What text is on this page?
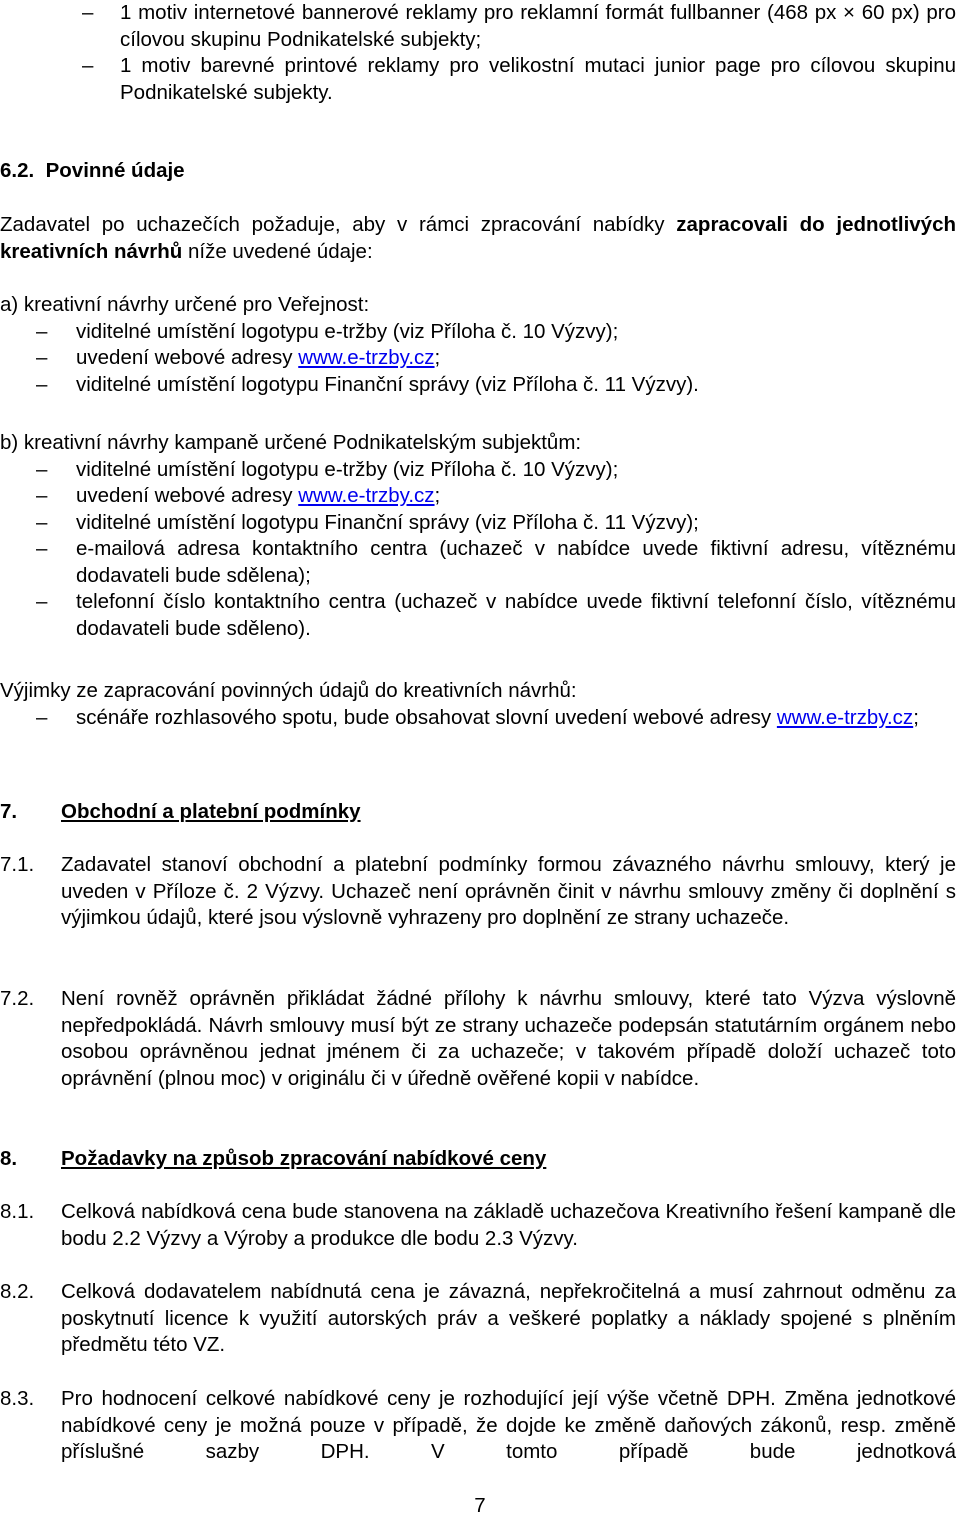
–	1 motiv internetové bannerové reklamy pro reklamní formát fullbanner (468 px × 60 px) pro cílovou skupinu Podnikatelské subjekty;

–	1 motiv barevné printové reklamy pro velikostní mutaci junior page pro cílovou skupinu Podnikatelské subjekty.

6.2. Povinné údaje

Zadavatel po uchazečích požaduje, aby v rámci zpracování nabídky zapracovali do jednotlivých kreativních návrhů níže uvedené údaje:

a) kreativní návrhy určené pro Veřejnost:

–	viditelné umístění logotypu e-tržby (viz Příloha č. 10 Výzvy);

–	uvedení webové adresy www.e-trzby.cz;

–	viditelné umístění logotypu Finanční správy (viz Příloha č. 11 Výzvy).

b) kreativní návrhy kampaně určené Podnikatelským subjektům:

–	viditelné umístění logotypu e-tržby (viz Příloha č. 10 Výzvy);

–	uvedení webové adresy www.e-trzby.cz;

–	viditelné umístění logotypu Finanční správy (viz Příloha č. 11 Výzvy);

–	e-mailová adresa kontaktního centra (uchazeč v nabídce uvede fiktivní adresu, vítěznému dodavateli bude sdělena);

–	telefonní číslo kontaktního centra (uchazeč v nabídce uvede fiktivní telefonní číslo, vítěznému dodavateli bude sděleno).

Výjimky ze zapracování povinných údajů do kreativních návrhů:

–	scénáře rozhlasového spotu, bude obsahovat slovní uvedení webové adresy www.e-trzby.cz;

7.	Obchodní a platební podmínky
7.1.	Zadavatel stanoví obchodní a platební podmínky formou závazného návrhu smlouvy, který je uveden v Příloze č. 2 Výzvy. Uchazeč není oprávněn činit v návrhu smlouvy změny či doplnění s výjimkou údajů, které jsou výslovně vyhrazeny pro doplnění ze strany uchazeče.

7.2.	Není rovněž oprávněn přikládat žádné přílohy k návrhu smlouvy, které tato Výzva výslovně nepředpokládá. Návrh smlouvy musí být ze strany uchazeče podepsán statutárním orgánem nebo osobou oprávněnou jednat jménem či za uchazeče; v takovém případě doloží uchazeč toto oprávnění (plnou moc) v originálu či v úředně ověřené kopii v nabídce.

8.	Požadavky na způsob zpracování nabídkové ceny
8.1.	Celková nabídková cena bude stanovena na základě uchazečova Kreativního řešení kampaně dle bodu 2.2 Výzvy a Výroby a produkce dle bodu 2.3 Výzvy.

8.2.	Celková dodavatelem nabídnutá cena je závazná, nepřekročitelná a musí zahrnout odměnu za poskytnutí licence k využití autorských práv a veškeré poplatky a náklady spojené s plněním předmětu této VZ.

8.3.	Pro hodnocení celkové nabídkové ceny je rozhodující její výše včetně DPH. Změna jednotkové nabídkové ceny je možná pouze v případě, že dojde ke změně daňových zákonů, resp. změně příslušné sazby DPH. V tomto případě bude jednotková

7
